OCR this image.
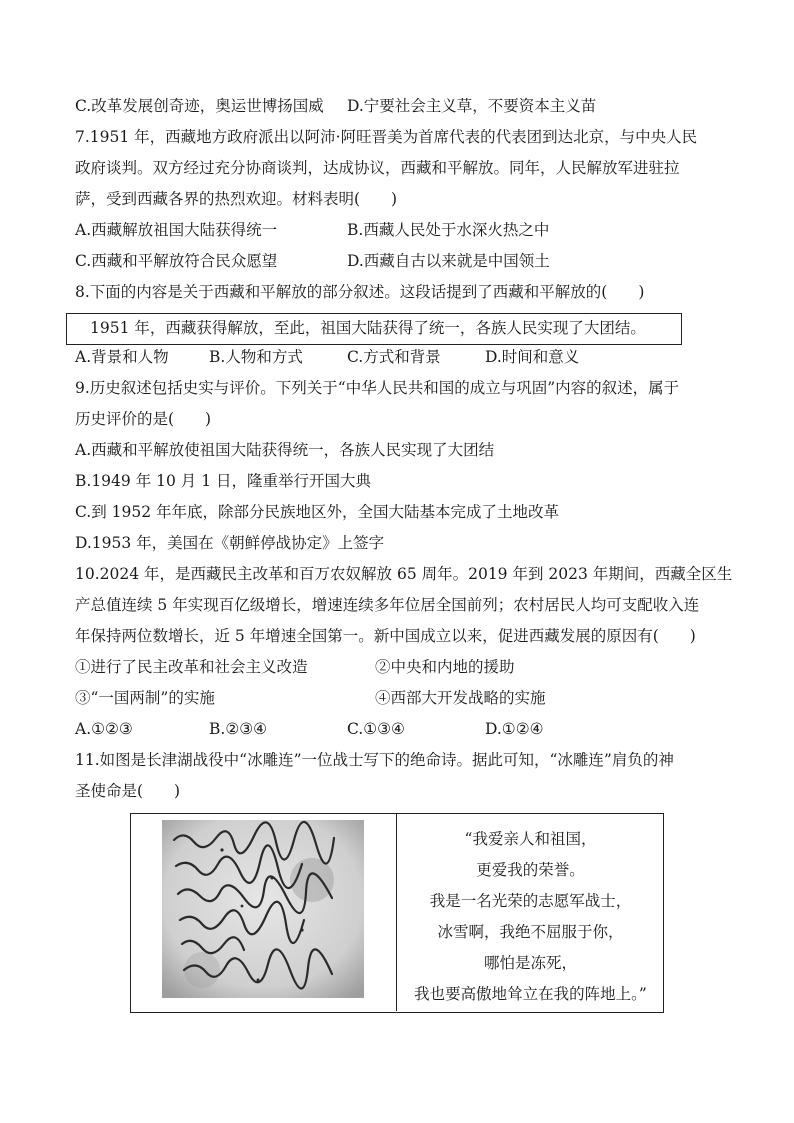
C.改革发展创奇迹，奥运世博扬国威 D.宁要社会主义草，不要资本主义苗
7.1951 年，西藏地方政府派出以阿沛·阿旺晋美为首席代表的代表团到达北京，与中央人民
政府谈判。双方经过充分协商谈判，达成协议，西藏和平解放。同年，人民解放军进驻拉
萨，受到西藏各界的热烈欢迎。材料表明(　　)
A.西藏解放祖国大陆获得统一	B.西藏人民处于水深火热之中
C.西藏和平解放符合民众愿望	D.西藏自古以来就是中国领土
8.下面的内容是关于西藏和平解放的部分叙述。这段话提到了西藏和平解放的(　　)
1951 年，西藏获得解放，至此，祖国大陆获得了统一，各族人民实现了大团结。
A.背景和人物	B.人物和方式	C.方式和背景	D.时间和意义
9.历史叙述包括史实与评价。下列关于“中华人民共和国的成立与巩固”内容的叙述，属于
历史评价的是(　　)
A.西藏和平解放使祖国大陆获得统一，各族人民实现了大团结
B.1949 年 10 月 1 日，隆重举行开国大典
C.到 1952 年年底，除部分民族地区外，全国大陆基本完成了土地改革
D.1953 年，美国在《朝鲜停战协定》上签字
10.2024 年，是西藏民主改革和百万农奴解放 65 周年。2019 年到 2023 年期间，西藏全区生
产总值连续 5 年实现百亿级增长，增速连续多年位居全国前列；农村居民人均可支配收入连
年保持两位数增长，近 5 年增速全国第一。新中国成立以来，促进西藏发展的原因有(　　)
①进行了民主改革和社会主义改造	②中央和内地的援助
③“一国两制”的实施	④西部大开发战略的实施
A.①②③	B.②③④	C.①③④	D.①②④
11.如图是长津湖战役中“冰雕连”一位战士写下的绝命诗。据此可知，“冰雕连”肩负的神
圣使命是(　　)
“我爱亲人和祖国，
更爱我的荣誉。
我是一名光荣的志愿军战士，
冰雪啊，我绝不屈服于你，
哪怕是冻死，
我也要高傲地耸立在我的阵地上。”
